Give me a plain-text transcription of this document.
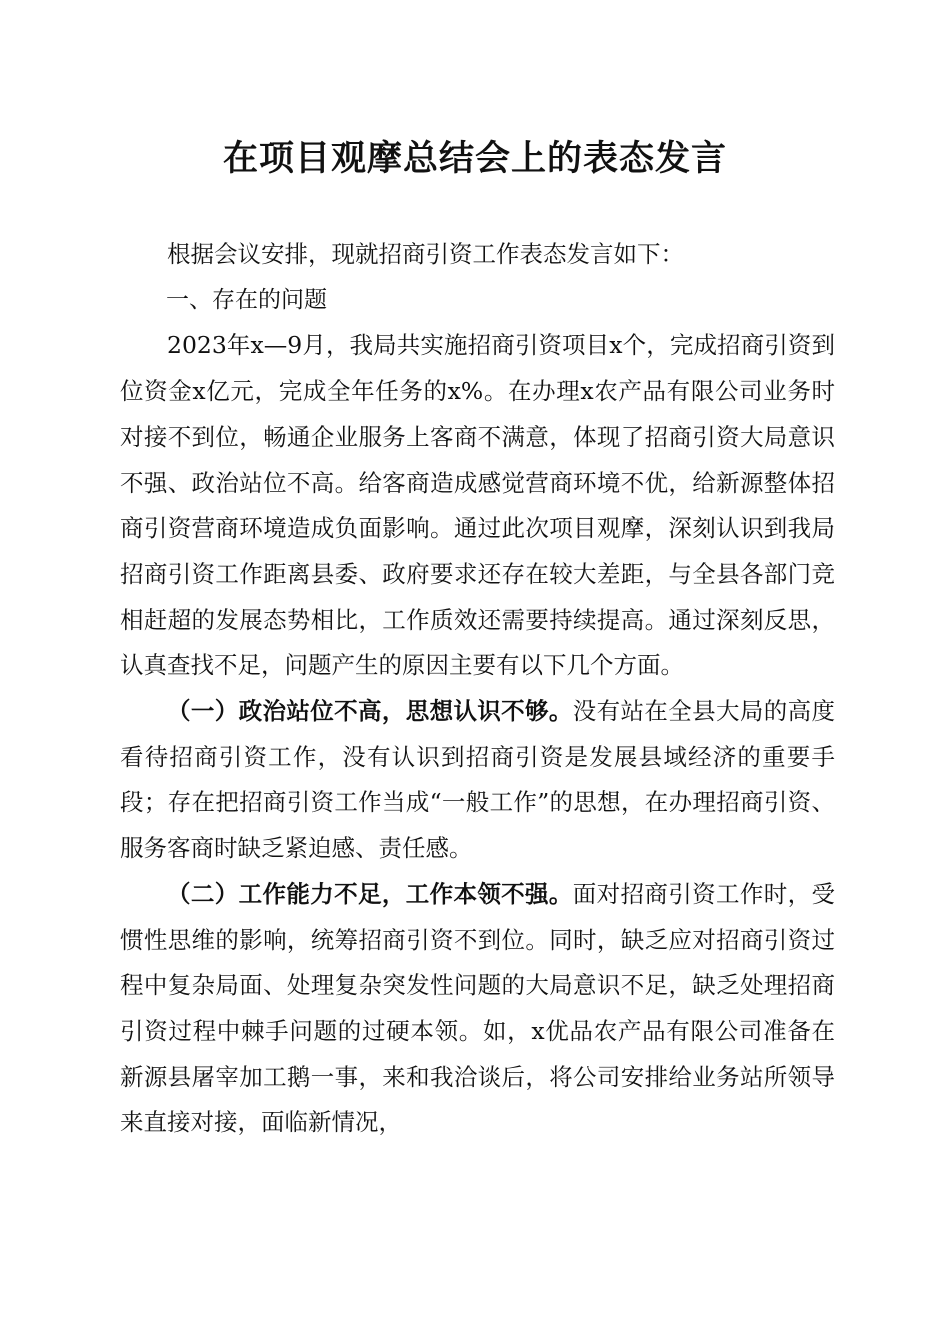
在项目观摩总结会上的表态发言

根据会议安排，现就招商引资工作表态发言如下：

一、存在的问题

2023年x—9月，我局共实施招商引资项目x个，完成招商引资到位资金x亿元，完成全年任务的x%。在办理x农产品有限公司业务时对接不到位，畅通企业服务上客商不满意，体现了招商引资大局意识不强、政治站位不高。给客商造成感觉营商环境不优，给新源整体招商引资营商环境造成负面影响。通过此次项目观摩，深刻认识到我局招商引资工作距离县委、政府要求还存在较大差距，与全县各部门竞相赶超的发展态势相比，工作质效还需要持续提高。通过深刻反思，认真查找不足，问题产生的原因主要有以下几个方面。

（一）政治站位不高，思想认识不够。没有站在全县大局的高度看待招商引资工作，没有认识到招商引资是发展县域经济的重要手段；存在把招商引资工作当成“一般工作”的思想，在办理招商引资、服务客商时缺乏紧迫感、责任感。

（二）工作能力不足，工作本领不强。面对招商引资工作时，受惯性思维的影响，统筹招商引资不到位。同时，缺乏应对招商引资过程中复杂局面、处理复杂突发性问题的大局意识不足，缺乏处理招商引资过程中棘手问题的过硬本领。如，x优品农产品有限公司准备在新源县屠宰加工鹅一事，来和我洽谈后，将公司安排给业务站所领导来直接对接，面临新情况，
